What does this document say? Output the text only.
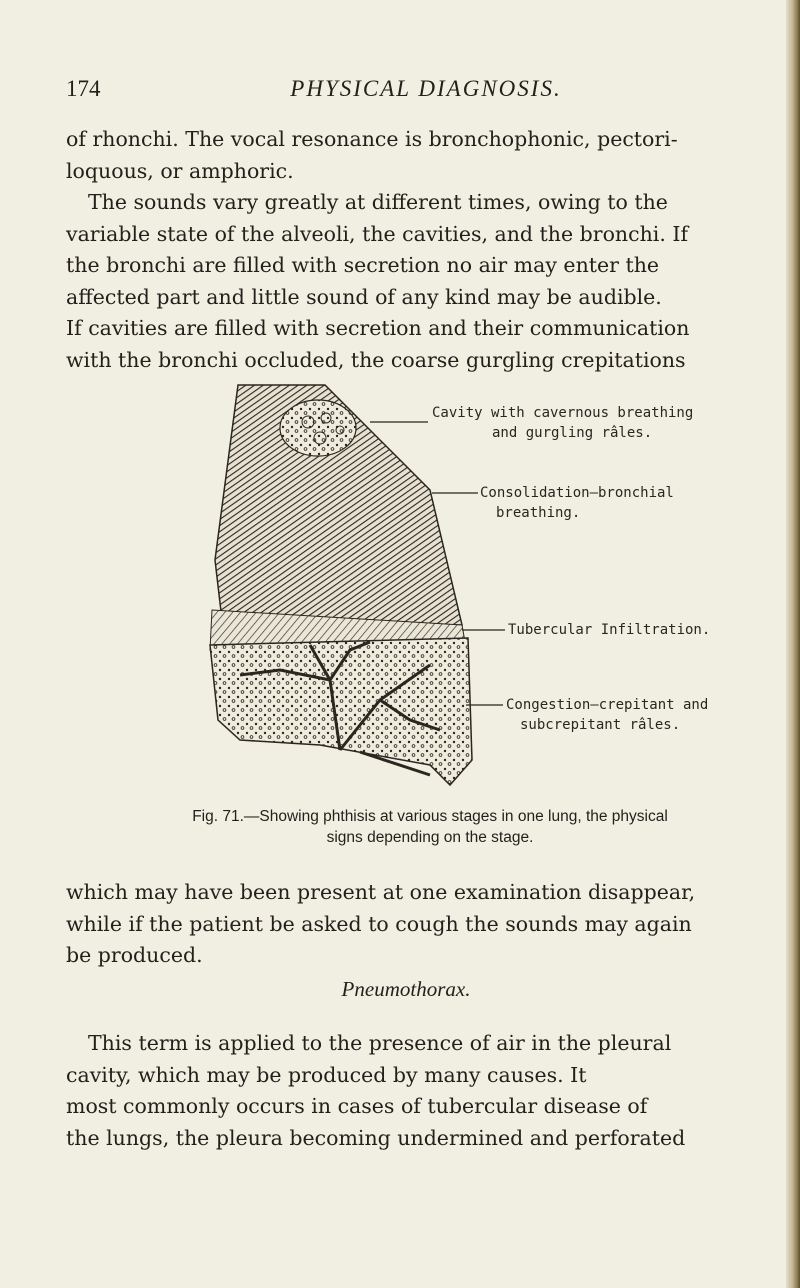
174	PHYSICAL DIAGNOSIS.
of rhonchi. The vocal resonance is bronchophonic, pectori-
loquous, or amphoric.
The sounds vary greatly at different times, owing to the
variable state of the alveoli, the cavities, and the bronchi. If
the bronchi are filled with secretion no air may enter the
affected part and little sound of any kind may be audible.
If cavities are filled with secretion and their communication
with the bronchi occluded, the coarse gurgling crepitations
Cavity with cavernous breathing
and gurgling râles.
Consolidation—bronchial
breathing.
Tubercular Infiltration.
Congestion—crepitant and
subcrepitant râles.
Fig. 71.—Showing phthisis at various stages in one lung, the physical
signs depending on the stage.
which may have been present at one examination disappear,
while if the patient be asked to cough the sounds may again
be produced.
Pneumothorax.
This term is applied to the presence of air in the pleural
cavity, which may be produced by many causes. It
most commonly occurs in cases of tubercular disease of
the lungs, the pleura becoming undermined and perforated
